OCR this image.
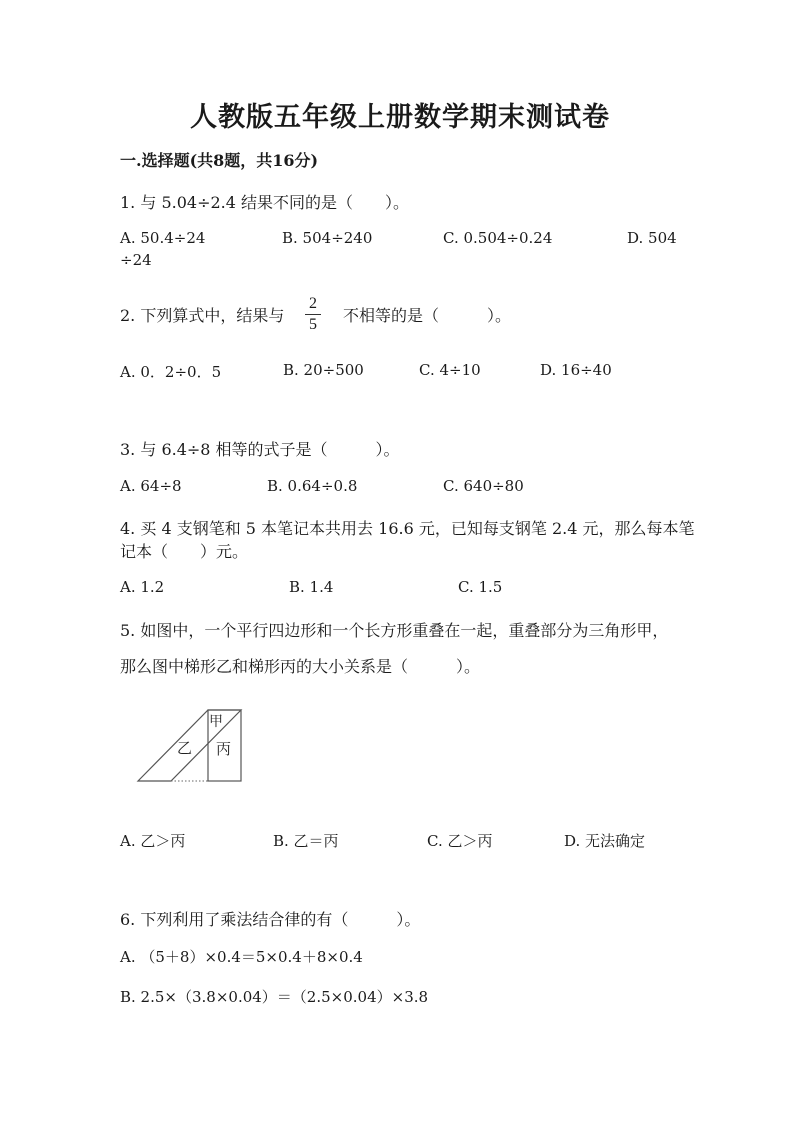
人教版五年级上册数学期末测试卷
一.选择题(共8题，共16分)
1. 与 5.04÷2.4 结果不同的是（　　）。
A. 50.4÷24	B. 504÷240	C. 0.504÷0.24	D. 504
÷24
2. 下列算式中，结果与
2
5 不相等的是（　　　）。
A. 0．2÷0．5	B. 20÷500	C. 4÷10	D. 16÷40
3. 与 6.4÷8 相等的式子是（　　　）。
A. 64÷8	B. 0.64÷0.8	C. 640÷80
4. 买 4 支钢笔和 5 本笔记本共用去 16.6 元，已知每支钢笔 2.4 元，那么每本笔
记本（　　）元。
A. 1.2	B. 1.4	C. 1.5
5. 如图中，一个平行四边形和一个长方形重叠在一起，重叠部分为三角形甲，
那么图中梯形乙和梯形丙的大小关系是（　　　）。
甲
乙 丙
A. 乙＞丙	B. 乙＝丙	C. 乙＞丙	D. 无法确定
6. 下列利用了乘法结合律的有（　　　）。
A. （5＋8）×0.4＝5×0.4＋8×0.4
B. 2.5×（3.8×0.04）＝（2.5×0.04）×3.8
